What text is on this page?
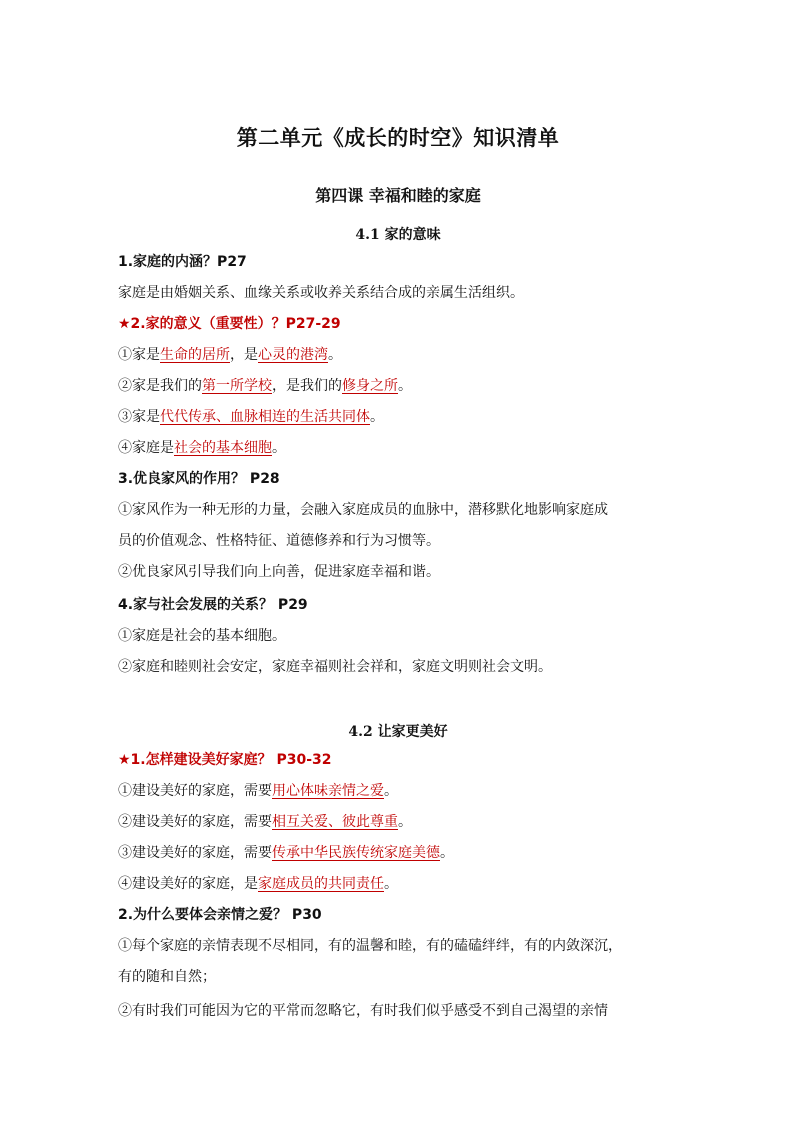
第二单元《成长的时空》知识清单
第四课 幸福和睦的家庭
4.1 家的意味
1.家庭的内涵？P27
家庭是由婚姻关系、血缘关系或收养关系结合成的亲属生活组织。
★2.家的意义（重要性）？P27-29
①家是生命的居所，是心灵的港湾。
②家是我们的第一所学校，是我们的修身之所。
③家是代代传承、血脉相连的生活共同体。
④家庭是社会的基本细胞。
3.优良家风的作用？ P28
①家风作为一种无形的力量，会融入家庭成员的血脉中，潜移默化地影响家庭成
员的价值观念、性格特征、道德修养和行为习惯等。
②优良家风引导我们向上向善，促进家庭幸福和谐。
4.家与社会发展的关系？ P29
①家庭是社会的基本细胞。
②家庭和睦则社会安定，家庭幸福则社会祥和，家庭文明则社会文明。
4.2 让家更美好
★1.怎样建设美好家庭？ P30-32
①建设美好的家庭，需要用心体味亲情之爱。
②建设美好的家庭，需要相互关爱、彼此尊重。
③建设美好的家庭，需要传承中华民族传统家庭美德。
④建设美好的家庭，是家庭成员的共同责任。
2.为什么要体会亲情之爱？ P30
①每个家庭的亲情表现不尽相同，有的温馨和睦，有的磕磕绊绊，有的内敛深沉，
有的随和自然；
②有时我们可能因为它的平常而忽略它，有时我们似乎感受不到自己渴望的亲情
